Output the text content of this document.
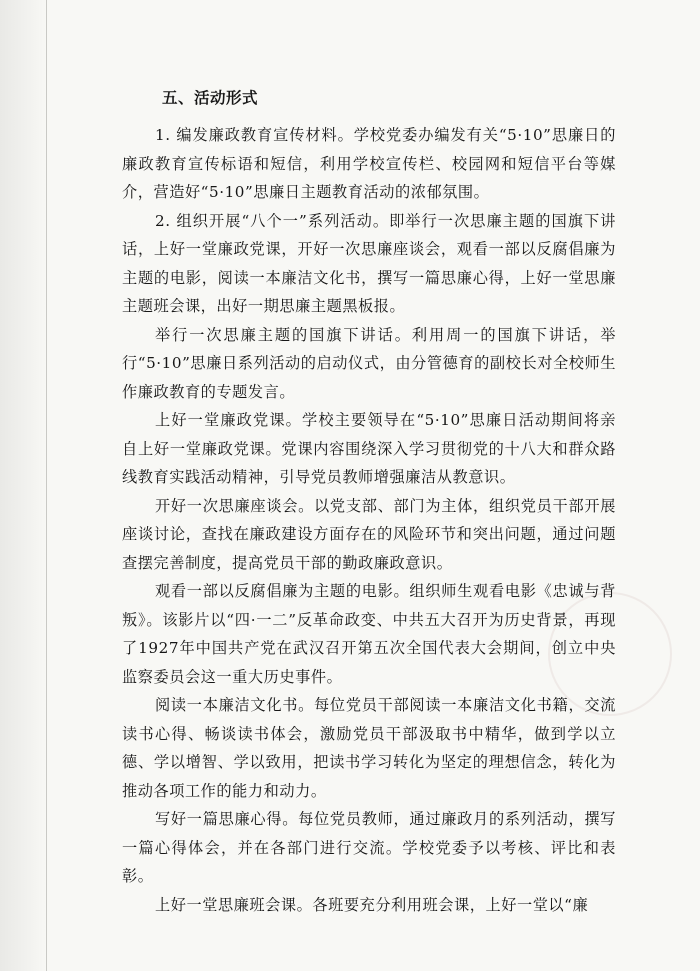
五、活动形式

1. 编发廉政教育宣传材料。学校党委办编发有关“5·10”思廉日的廉政教育宣传标语和短信，利用学校宣传栏、校园网和短信平台等媒介，营造好“5·10”思廉日主题教育活动的浓郁氛围。

2. 组织开展“八个一”系列活动。即举行一次思廉主题的国旗下讲话，上好一堂廉政党课，开好一次思廉座谈会，观看一部以反腐倡廉为主题的电影，阅读一本廉洁文化书，撰写一篇思廉心得，上好一堂思廉主题班会课，出好一期思廉主题黑板报。

举行一次思廉主题的国旗下讲话。利用周一的国旗下讲话，举行“5·10”思廉日系列活动的启动仪式，由分管德育的副校长对全校师生作廉政教育的专题发言。

上好一堂廉政党课。学校主要领导在“5·10”思廉日活动期间将亲自上好一堂廉政党课。党课内容围绕深入学习贯彻党的十八大和群众路线教育实践活动精神，引导党员教师增强廉洁从教意识。

开好一次思廉座谈会。以党支部、部门为主体，组织党员干部开展座谈讨论，查找在廉政建设方面存在的风险环节和突出问题，通过问题查摆完善制度，提高党员干部的勤政廉政意识。

观看一部以反腐倡廉为主题的电影。组织师生观看电影《忠诚与背叛》。该影片以“四·一二”反革命政变、中共五大召开为历史背景，再现了1927年中国共产党在武汉召开第五次全国代表大会期间，创立中央监察委员会这一重大历史事件。

阅读一本廉洁文化书。每位党员干部阅读一本廉洁文化书籍，交流读书心得、畅谈读书体会，激励党员干部汲取书中精华，做到学以立德、学以增智、学以致用，把读书学习转化为坚定的理想信念，转化为推动各项工作的能力和动力。

写好一篇思廉心得。每位党员教师，通过廉政月的系列活动，撰写一篇心得体会，并在各部门进行交流。学校党委予以考核、评比和表彰。

上好一堂思廉班会课。各班要充分利用班会课，上好一堂以“廉
